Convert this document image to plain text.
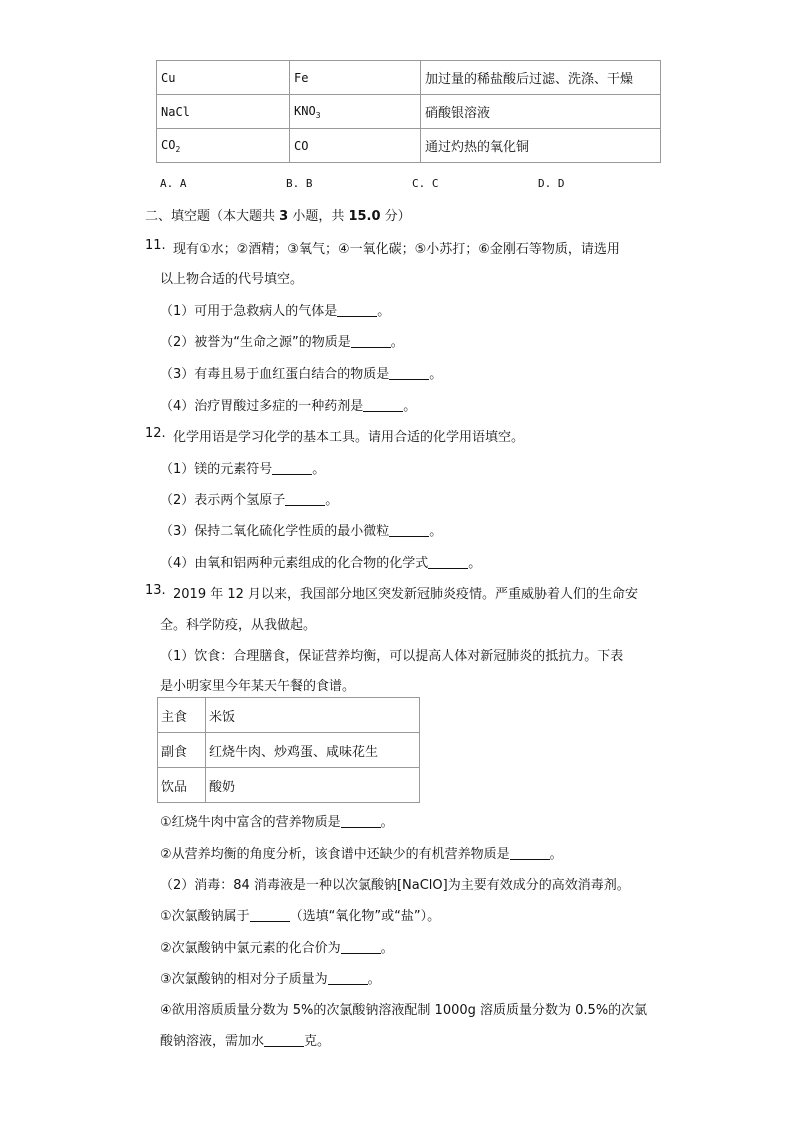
Cu	Fe	加过量的稀盐酸后过滤、洗涤、干燥
NaCl	$KNO_3$	硝酸银溶液
$CO_2$	CO	通过灼热的氧化铜
A. A	B. B	C. C	D. D
二、填空题（本大题共 3 小题，共 15.0 分）
11. 现有①水；②酒精；③氧气；④一氧化碳；⑤小苏打；⑥金刚石等物质，请选用
以上物合适的代号填空。
（1）可用于急救病人的气体是	。
（2）被誉为“生命之源”的物质是	。
（3）有毒且易于血红蛋白结合的物质是	。
（4）治疗胃酸过多症的一种药剂是	。
12. 化学用语是学习化学的基本工具。请用合适的化学用语填空。
（1）镁的元素符号	。
（2）表示两个氢原子	。
（3）保持二氧化硫化学性质的最小微粒	。
（4）由氧和铝两种元素组成的化合物的化学式	。
13. 2019 年 12 月以来，我国部分地区突发新冠肺炎疫情。严重威胁着人们的生命安
全。科学防疫，从我做起。
（1）饮食：合理膳食，保证营养均衡，可以提高人体对新冠肺炎的抵抗力。下表
是小明家里今年某天午餐的食谱。
主食	米饭
副食	红烧牛肉、炒鸡蛋、咸味花生
饮品	酸奶
①红烧牛肉中富含的营养物质是	。
②从营养均衡的角度分析，该食谱中还缺少的有机营养物质是	。
（2）消毒：84 消毒液是一种以次氯酸钠[NaClO]为主要有效成分的高效消毒剂。
①次氯酸钠属于	（选填“氧化物”或“盐”）。
②次氯酸钠中氯元素的化合价为	。
③次氯酸钠的相对分子质量为	。
④欲用溶质质量分数为 5%的次氯酸钠溶液配制 1000g 溶质质量分数为 0.5%的次氯
酸钠溶液，需加水	克。
